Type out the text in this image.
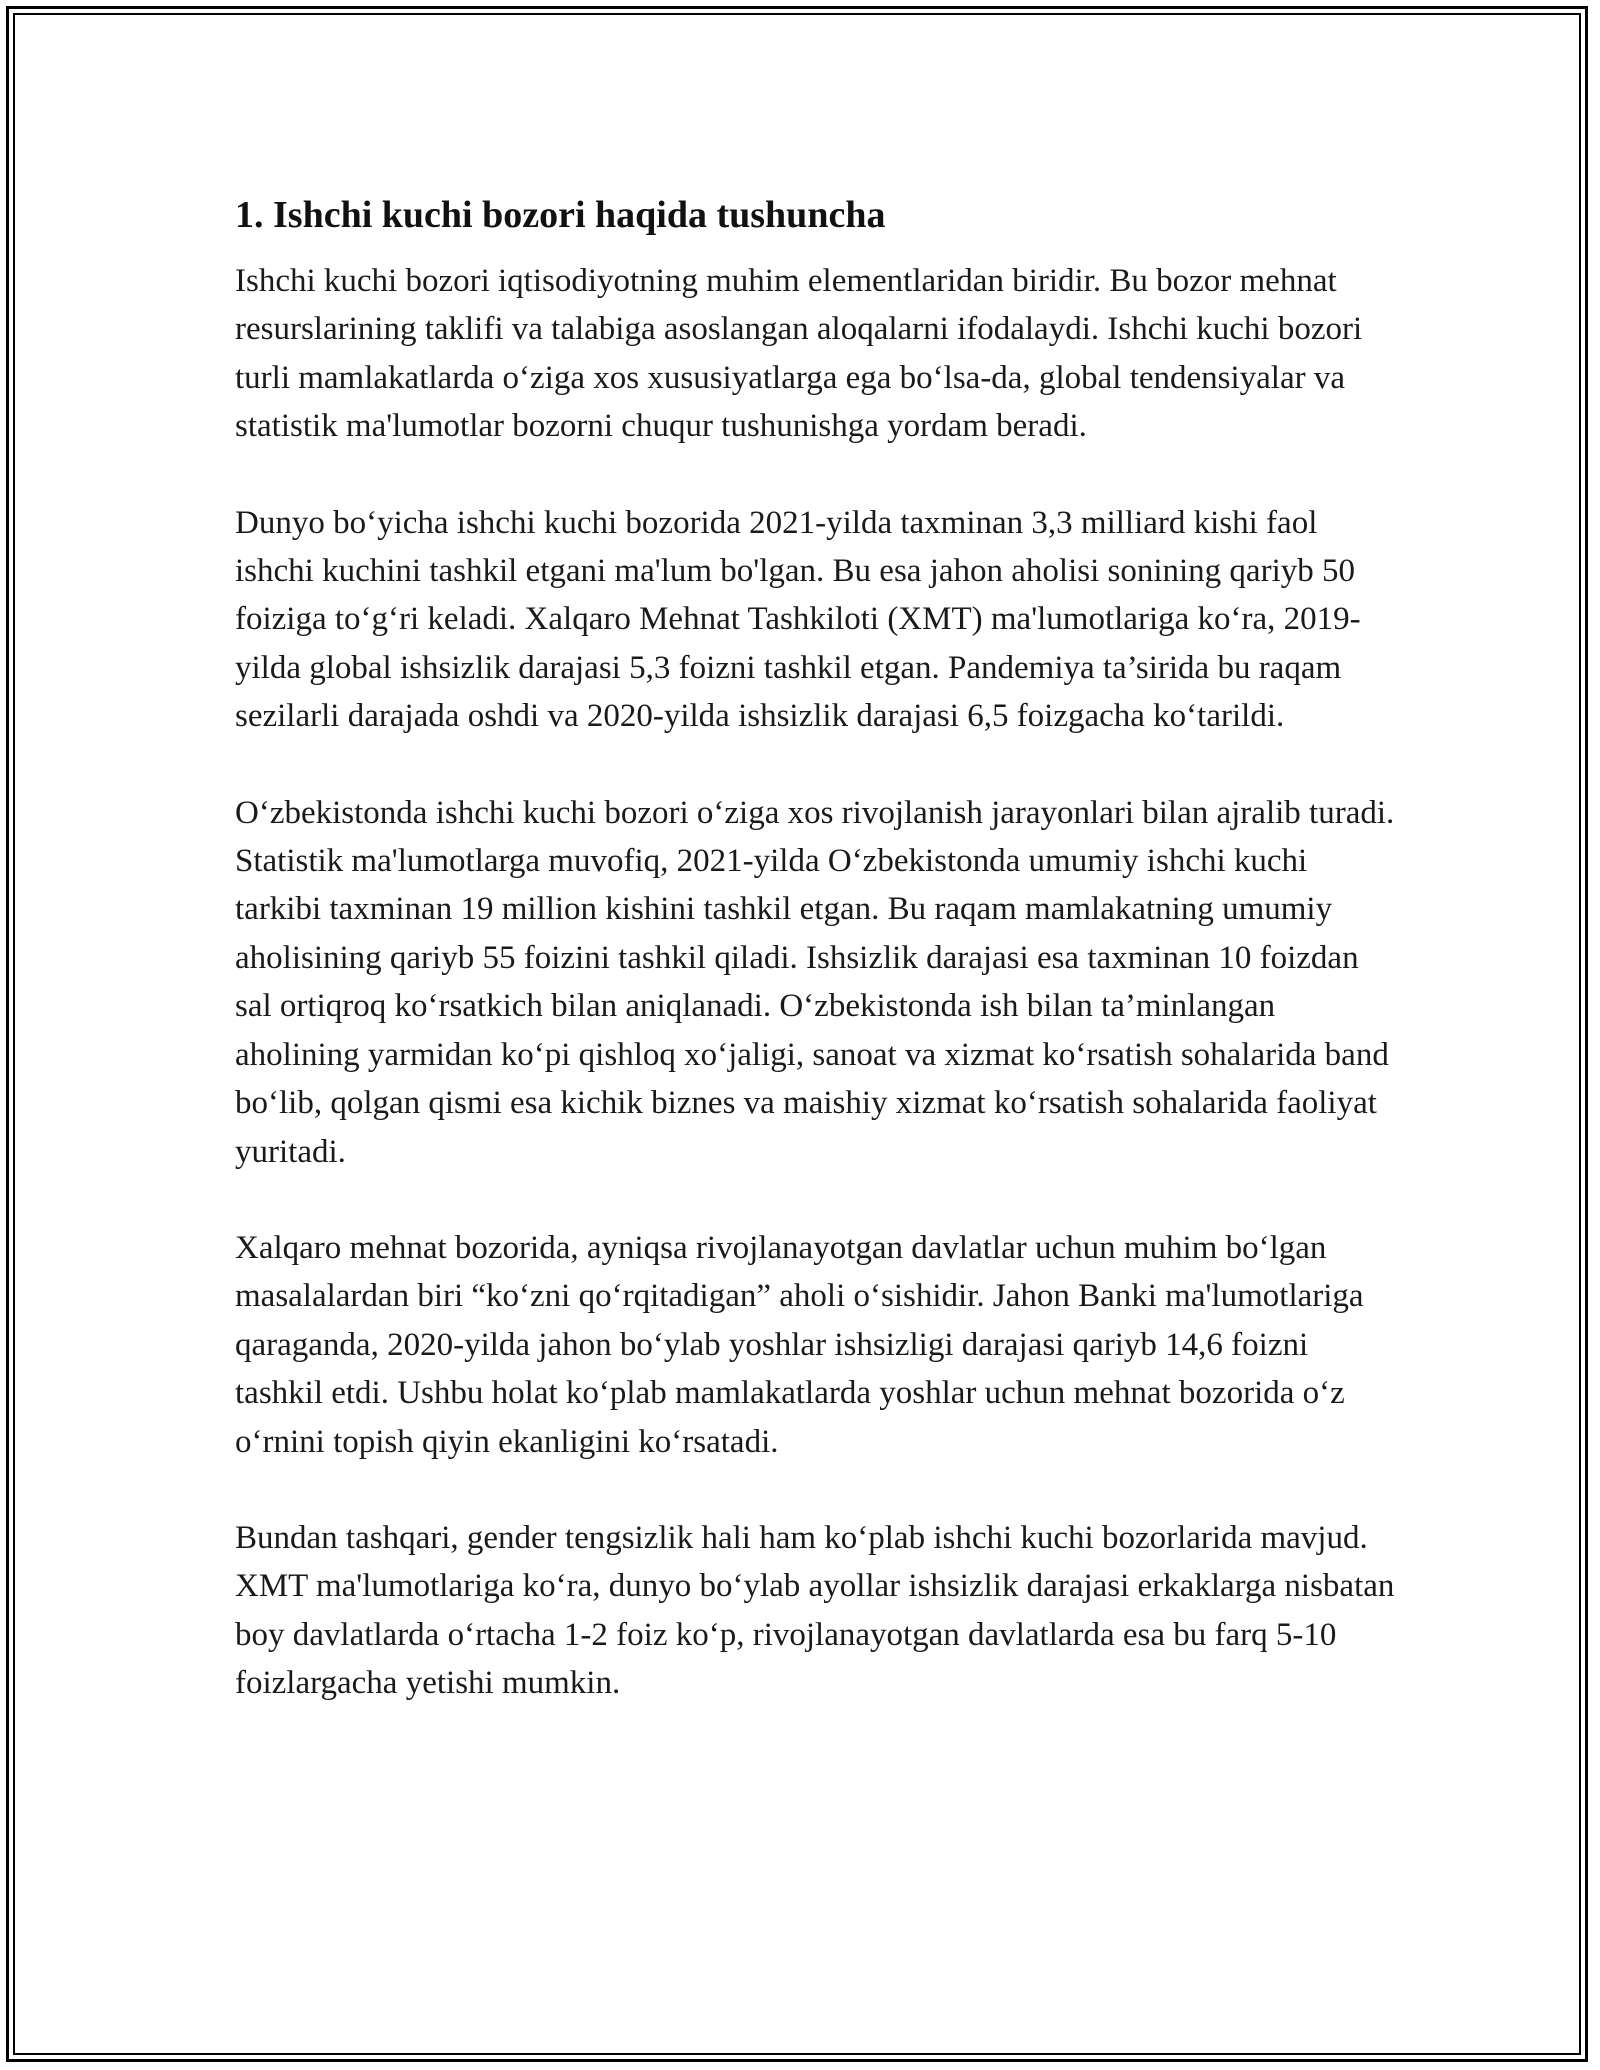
1. Ishchi kuchi bozori haqida tushuncha

Ishchi kuchi bozori iqtisodiyotning muhim elementlaridan biridir. Bu bozor mehnat resurslarining taklifi va talabiga asoslangan aloqalarni ifodalaydi. Ishchi kuchi bozori turli mamlakatlarda o‘ziga xos xususiyatlarga ega bo‘lsa-da, global tendensiyalar va statistik ma'lumotlar bozorni chuqur tushunishga yordam beradi.

Dunyo bo‘yicha ishchi kuchi bozorida 2021-yilda taxminan 3,3 milliard kishi faol ishchi kuchini tashkil etgani ma'lum bo'lgan. Bu esa jahon aholisi sonining qariyb 50 foiziga to‘g‘ri keladi. Xalqaro Mehnat Tashkiloti (XMT) ma'lumotlariga ko‘ra, 2019-yilda global ishsizlik darajasi 5,3 foizni tashkil etgan. Pandemiya ta’sirida bu raqam sezilarli darajada oshdi va 2020-yilda ishsizlik darajasi 6,5 foizgacha ko‘tarildi.

O‘zbekistonda ishchi kuchi bozori o‘ziga xos rivojlanish jarayonlari bilan ajralib turadi. Statistik ma'lumotlarga muvofiq, 2021-yilda O‘zbekistonda umumiy ishchi kuchi tarkibi taxminan 19 million kishini tashkil etgan. Bu raqam mamlakatning umumiy aholisining qariyb 55 foizini tashkil qiladi. Ishsizlik darajasi esa taxminan 10 foizdan sal ortiqroq ko‘rsatkich bilan aniqlanadi. O‘zbekistonda ish bilan ta’minlangan aholining yarmidan ko‘pi qishloq xo‘jaligi, sanoat va xizmat ko‘rsatish sohalarida band bo‘lib, qolgan qismi esa kichik biznes va maishiy xizmat ko‘rsatish sohalarida faoliyat yuritadi.

Xalqaro mehnat bozorida, ayniqsa rivojlanayotgan davlatlar uchun muhim bo‘lgan masalalardan biri “ko‘zni qo‘rqitadigan” aholi o‘sishidir. Jahon Banki ma'lumotlariga qaraganda, 2020-yilda jahon bo‘ylab yoshlar ishsizligi darajasi qariyb 14,6 foizni tashkil etdi. Ushbu holat ko‘plab mamlakatlarda yoshlar uchun mehnat bozorida o‘z o‘rnini topish qiyin ekanligini ko‘rsatadi.

Bundan tashqari, gender tengsizlik hali ham ko‘plab ishchi kuchi bozorlarida mavjud. XMT ma'lumotlariga ko‘ra, dunyo bo‘ylab ayollar ishsizlik darajasi erkaklarga nisbatan boy davlatlarda o‘rtacha 1-2 foiz ko‘p, rivojlanayotgan davlatlarda esa bu farq 5-10 foizlargacha yetishi mumkin.
